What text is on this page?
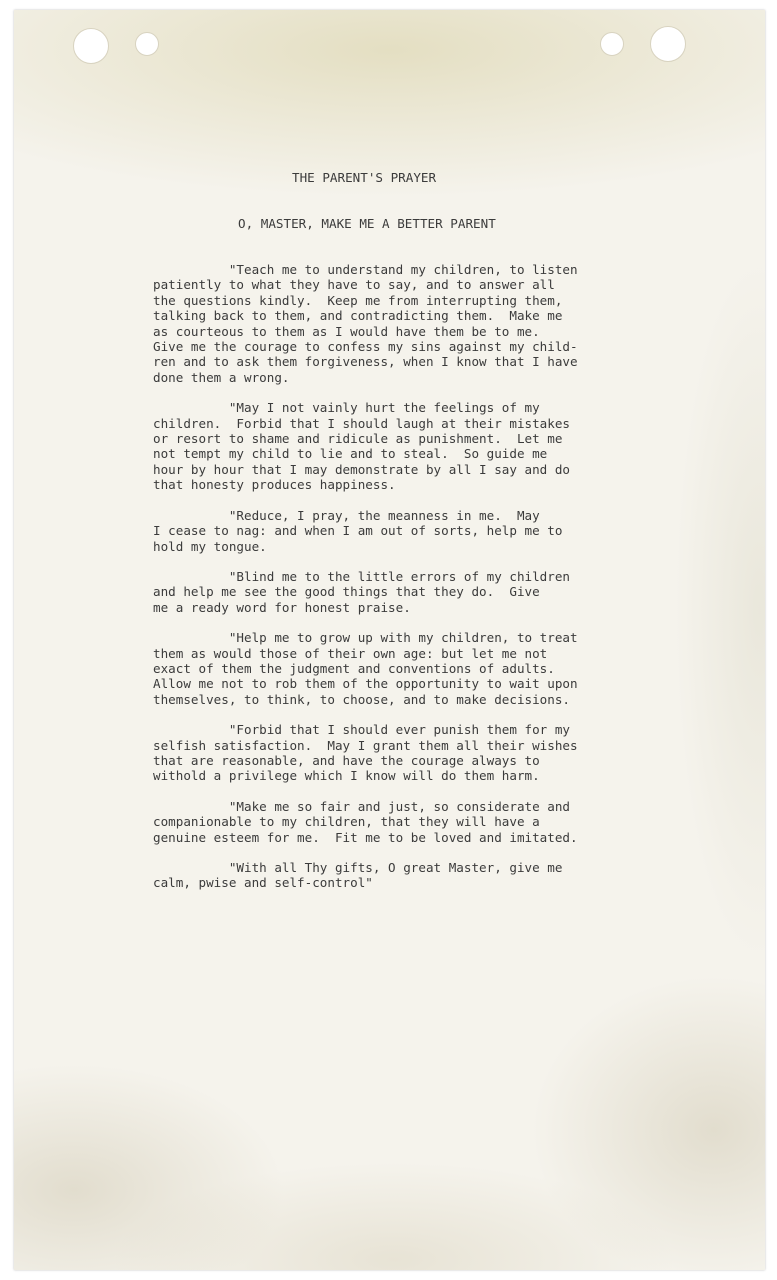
THE PARENT'S PRAYER
O, MASTER, MAKE ME A BETTER PARENT
"Teach me to understand my children, to listen
patiently to what they have to say, and to answer all
the questions kindly.  Keep me from interrupting them,
talking back to them, and contradicting them.  Make me
as courteous to them as I would have them be to me.
Give me the courage to confess my sins against my child-
ren and to ask them forgiveness, when I know that I have
done them a wrong.
"May I not vainly hurt the feelings of my
children.  Forbid that I should laugh at their mistakes
or resort to shame and ridicule as punishment.  Let me
not tempt my child to lie and to steal.  So guide me
hour by hour that I may demonstrate by all I say and do
that honesty produces happiness.
"Reduce, I pray, the meanness in me.  May
I cease to nag: and when I am out of sorts, help me to
hold my tongue.
"Blind me to the little errors of my children
and help me see the good things that they do.  Give
me a ready word for honest praise.
"Help me to grow up with my children, to treat
them as would those of their own age: but let me not
exact of them the judgment and conventions of adults.
Allow me not to rob them of the opportunity to wait upon
themselves, to think, to choose, and to make decisions.
"Forbid that I should ever punish them for my
selfish satisfaction.  May I grant them all their wishes
that are reasonable, and have the courage always to
withold a privilege which I know will do them harm.
"Make me so fair and just, so considerate and
companionable to my children, that they will have a
genuine esteem for me.  Fit me to be loved and imitated.
"With all Thy gifts, O great Master, give me
calm, pwise and self-control"
